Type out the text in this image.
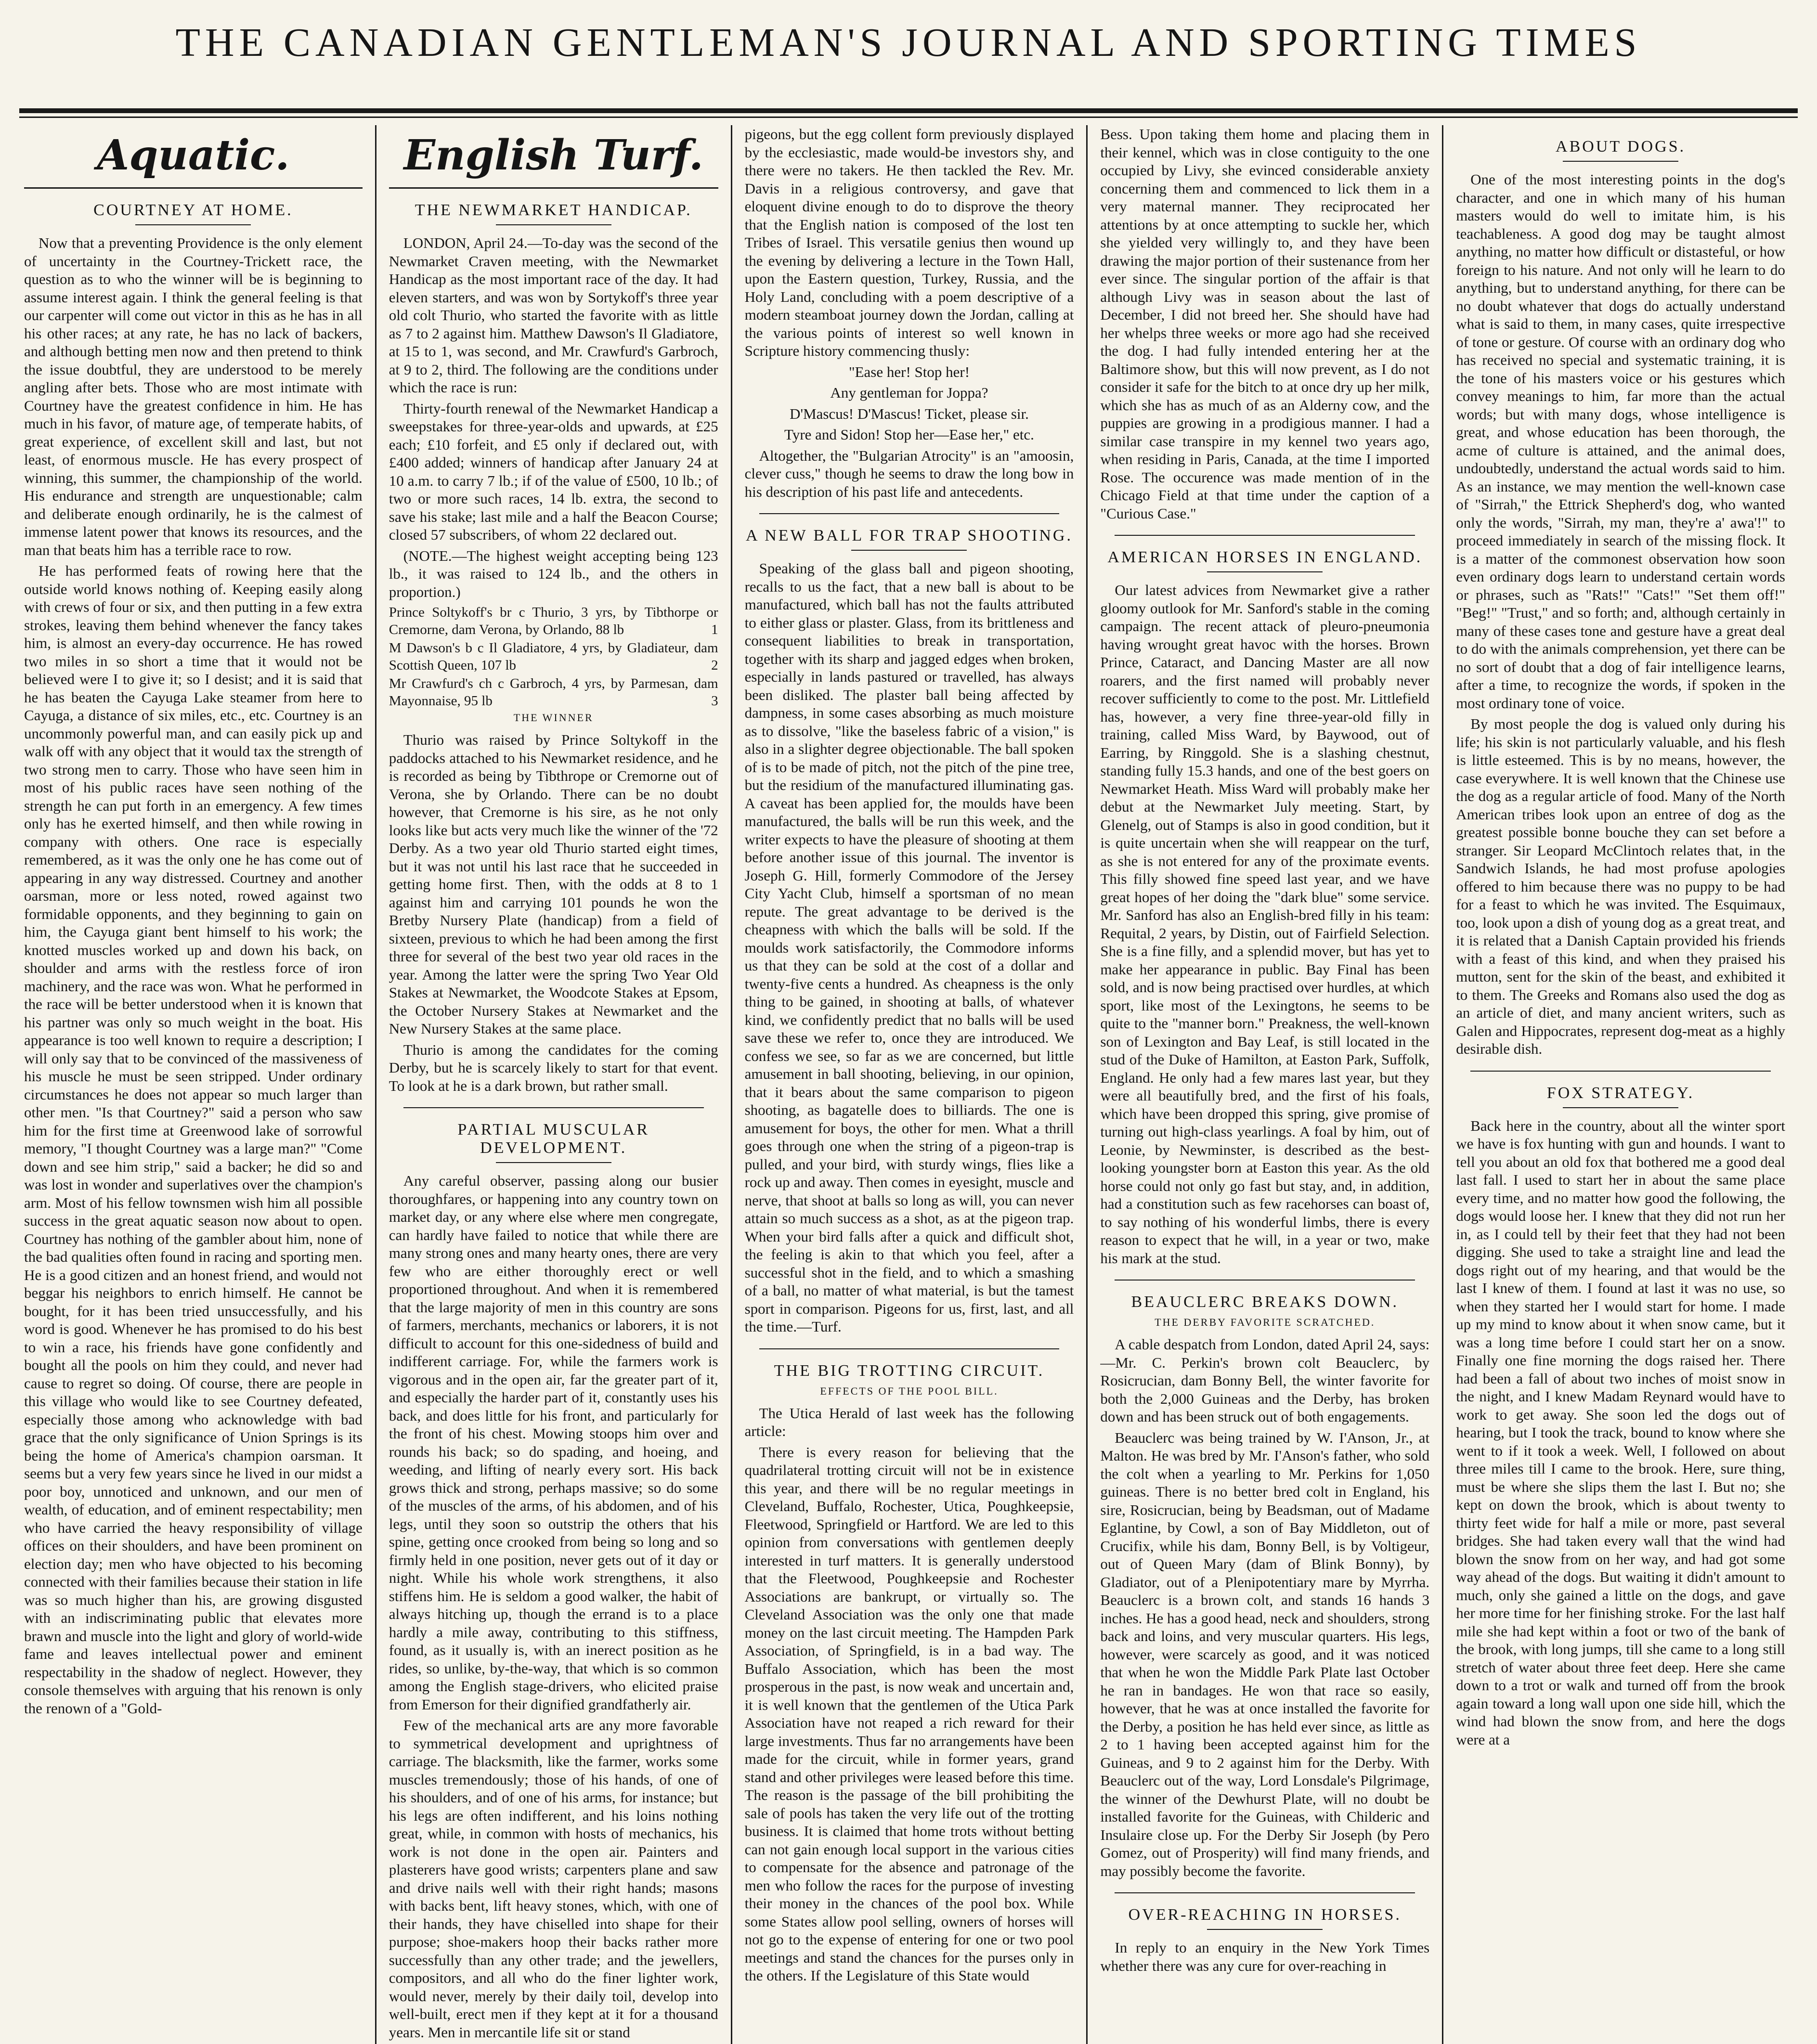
THE CANADIAN GENTLEMAN'S JOURNAL AND SPORTING TIMES
Aquatic.
COURTNEY AT HOME.

Now that a preventing Providence is the only element of uncertainty in the Courtney-Trickett race, the question as to who the winner will be is beginning to assume interest again. I think the general feeling is that our carpenter will come out victor in this as he has in all his other races; at any rate, he has no lack of backers, and although betting men now and then pretend to think the issue doubtful, they are understood to be merely angling after bets. Those who are most intimate with Courtney have the greatest confidence in him. He has much in his favor, of mature age, of temperate habits, of great experience, of excellent skill and last, but not least, of enormous muscle. He has every prospect of winning, this summer, the championship of the world. His endurance and strength are unquestionable; calm and deliberate enough ordinarily, he is the calmest of immense latent power that knows its resources, and the man that beats him has a terrible race to row.

He has performed feats of rowing here that the outside world knows nothing of. Keeping easily along with crews of four or six, and then putting in a few extra strokes, leaving them behind whenever the fancy takes him, is almost an every-day occurrence. He has rowed two miles in so short a time that it would not be believed were I to give it; so I desist; and it is said that he has beaten the Cayuga Lake steamer from here to Cayuga, a distance of six miles, etc., etc. Courtney is an uncommonly powerful man, and can easily pick up and walk off with any object that it would tax the strength of two strong men to carry. Those who have seen him in most of his public races have seen nothing of the strength he can put forth in an emergency. A few times only has he exerted himself, and then while rowing in company with others. One race is especially remembered, as it was the only one he has come out of appearing in any way distressed. Courtney and another oarsman, more or less noted, rowed against two formidable opponents, and they beginning to gain on him, the Cayuga giant bent himself to his work; the knotted muscles worked up and down his back, on shoulder and arms with the restless force of iron machinery, and the race was won. What he performed in the race will be better understood when it is known that his partner was only so much weight in the boat. His appearance is too well known to require a description; I will only say that to be convinced of the massiveness of his muscle he must be seen stripped. Under ordinary circumstances he does not appear so much larger than other men. "Is that Courtney?" said a person who saw him for the first time at Greenwood lake of sorrowful memory, "I thought Courtney was a large man?" "Come down and see him strip," said a backer; he did so and was lost in wonder and superlatives over the champion's arm. Most of his fellow townsmen wish him all possible success in the great aquatic season now about to open. Courtney has nothing of the gambler about him, none of the bad qualities often found in racing and sporting men. He is a good citizen and an honest friend, and would not beggar his neighbors to enrich himself. He cannot be bought, for it has been tried unsuccessfully, and his word is good. Whenever he has promised to do his best to win a race, his friends have gone confidently and bought all the pools on him they could, and never had cause to regret so doing. Of course, there are people in this village who would like to see Courtney defeated, especially those among who acknowledge with bad grace that the only significance of Union Springs is its being the home of America's champion oarsman. It seems but a very few years since he lived in our midst a poor boy, unnoticed and unknown, and our men of wealth, of education, and of eminent respectability; men who have carried the heavy responsibility of village offices on their shoulders, and have been prominent on election day; men who have objected to his becoming connected with their families because their station in life was so much higher than his, are growing disgusted with an indiscriminating public that elevates more brawn and muscle into the light and glory of world-wide fame and leaves intellectual power and eminent respectability in the shadow of neglect. However, they console themselves with arguing that his renown is only the renown of a "Gold-

English Turf.
THE NEWMARKET HANDICAP.

LONDON, April 24.—To-day was the second of the Newmarket Craven meeting, with the Newmarket Handicap as the most important race of the day. It had eleven starters, and was won by Sortykoff's three year old colt Thurio, who started the favorite with as little as 7 to 2 against him. Matthew Dawson's Il Gladiatore, at 15 to 1, was second, and Mr. Crawfurd's Garbroch, at 9 to 2, third. The following are the conditions under which the race is run:

Thirty-fourth renewal of the Newmarket Handicap a sweepstakes for three-year-olds and upwards, at £25 each; £10 forfeit, and £5 only if declared out, with £400 added; winners of handicap after January 24 at 10 a.m. to carry 7 lb.; if of the value of £500, 10 lb.; of two or more such races, 14 lb. extra, the second to save his stake; last mile and a half the Beacon Course; closed 57 subscribers, of whom 22 declared out.

(NOTE.—The highest weight accepting being 123 lb., it was raised to 124 lb., and the others in proportion.)

Prince Soltykoff's br c Thurio, 3 yrs, by Tibthorpe or Cremorne, dam Verona, by Orlando, 88 lb	1

M Dawson's b c Il Gladiatore, 4 yrs, by Gladiateur, dam Scottish Queen, 107 lb	2

Mr Crawfurd's ch c Garbroch, 4 yrs, by Parmesan, dam Mayonnaise, 95 lb	3

THE WINNER

Thurio was raised by Prince Soltykoff in the paddocks attached to his Newmarket residence, and he is recorded as being by Tibthrope or Cremorne out of Verona, she by Orlando. There can be no doubt however, that Cremorne is his sire, as he not only looks like but acts very much like the winner of the '72 Derby. As a two year old Thurio started eight times, but it was not until his last race that he succeeded in getting home first. Then, with the odds at 8 to 1 against him and carrying 101 pounds he won the Bretby Nursery Plate (handicap) from a field of sixteen, previous to which he had been among the first three for several of the best two year old races in the year. Among the latter were the spring Two Year Old Stakes at Newmarket, the Woodcote Stakes at Epsom, the October Nursery Stakes at Newmarket and the New Nursery Stakes at the same place.

Thurio is among the candidates for the coming Derby, but he is scarcely likely to start for that event. To look at he is a dark brown, but rather small.

PARTIAL MUSCULAR DEVELOPMENT.

Any careful observer, passing along our busier thoroughfares, or happening into any country town on market day, or any where else where men congregate, can hardly have failed to notice that while there are many strong ones and many hearty ones, there are very few who are either thoroughly erect or well proportioned throughout. And when it is remembered that the large majority of men in this country are sons of farmers, merchants, mechanics or laborers, it is not difficult to account for this one-sidedness of build and indifferent carriage. For, while the farmers work is vigorous and in the open air, far the greater part of it, and especially the harder part of it, constantly uses his back, and does little for his front, and particularly for the front of his chest. Mowing stoops him over and rounds his back; so do spading, and hoeing, and weeding, and lifting of nearly every sort. His back grows thick and strong, perhaps massive; so do some of the muscles of the arms, of his abdomen, and of his legs, until they soon so outstrip the others that his spine, getting once crooked from being so long and so firmly held in one position, never gets out of it day or night. While his whole work strengthens, it also stiffens him. He is seldom a good walker, the habit of always hitching up, though the errand is to a place hardly a mile away, contributing to this stiffness, found, as it usually is, with an inerect position as he rides, so unlike, by-the-way, that which is so common among the English stage-drivers, who elicited praise from Emerson for their dignified grandfatherly air.

Few of the mechanical arts are any more favorable to symmetrical development and uprightness of carriage. The blacksmith, like the farmer, works some muscles tremendously; those of his hands, of one of his shoulders, and of one of his arms, for instance; but his legs are often indifferent, and his loins nothing great, while, in common with hosts of mechanics, his work is not done in the open air. Painters and plasterers have good wrists; carpenters plane and saw and drive nails well with their right hands; masons with backs bent, lift heavy stones, which, with one of their hands, they have chiselled into shape for their purpose; shoe-makers hoop their backs rather more successfully than any other trade; and the jewellers, compositors, and all who do the finer lighter work, would never, merely by their daily toil, develop into well-built, erect men if they kept at it for a thousand years. Men in mercantile life sit or stand

pigeons, but the egg collent form previously displayed by the ecclesiastic, made would-be investors shy, and there were no takers. He then tackled the Rev. Mr. Davis in a religious controversy, and gave that eloquent divine enough to do to disprove the theory that the English nation is composed of the lost ten Tribes of Israel. This versatile genius then wound up the evening by delivering a lecture in the Town Hall, upon the Eastern question, Turkey, Russia, and the Holy Land, concluding with a poem descriptive of a modern steamboat journey down the Jordan, calling at the various points of interest so well known in Scripture history commencing thusly:

"Ease her! Stop her!

Any gentleman for Joppa?

D'Mascus! D'Mascus! Ticket, please sir.

Tyre and Sidon! Stop her—Ease her," etc.

Altogether, the "Bulgarian Atrocity" is an "amoosin, clever cuss," though he seems to draw the long bow in his description of his past life and antecedents.

A NEW BALL FOR TRAP SHOOTING.

Speaking of the glass ball and pigeon shooting, recalls to us the fact, that a new ball is about to be manufactured, which ball has not the faults attributed to either glass or plaster. Glass, from its brittleness and consequent liabilities to break in transportation, together with its sharp and jagged edges when broken, especially in lands pastured or travelled, has always been disliked. The plaster ball being affected by dampness, in some cases absorbing as much moisture as to dissolve, "like the baseless fabric of a vision," is also in a slighter degree objectionable. The ball spoken of is to be made of pitch, not the pitch of the pine tree, but the residium of the manufactured illuminating gas. A caveat has been applied for, the moulds have been manufactured, the balls will be run this week, and the writer expects to have the pleasure of shooting at them before another issue of this journal. The inventor is Joseph G. Hill, formerly Commodore of the Jersey City Yacht Club, himself a sportsman of no mean repute. The great advantage to be derived is the cheapness with which the balls will be sold. If the moulds work satisfactorily, the Commodore informs us that they can be sold at the cost of a dollar and twenty-five cents a hundred. As cheapness is the only thing to be gained, in shooting at balls, of whatever kind, we confidently predict that no balls will be used save these we refer to, once they are introduced. We confess we see, so far as we are concerned, but little amusement in ball shooting, believing, in our opinion, that it bears about the same comparison to pigeon shooting, as bagatelle does to billiards. The one is amusement for boys, the other for men. What a thrill goes through one when the string of a pigeon-trap is pulled, and your bird, with sturdy wings, flies like a rock up and away. Then comes in eyesight, muscle and nerve, that shoot at balls so long as will, you can never attain so much success as a shot, as at the pigeon trap. When your bird falls after a quick and difficult shot, the feeling is akin to that which you feel, after a successful shot in the field, and to which a smashing of a ball, no matter of what material, is but the tamest sport in comparison. Pigeons for us, first, last, and all the time.—Turf.

THE BIG TROTTING CIRCUIT.
EFFECTS OF THE POOL BILL.

The Utica Herald of last week has the following article:

There is every reason for believing that the quadrilateral trotting circuit will not be in existence this year, and there will be no regular meetings in Cleveland, Buffalo, Rochester, Utica, Poughkeepsie, Fleetwood, Springfield or Hartford. We are led to this opinion from conversations with gentlemen deeply interested in turf matters. It is generally understood that the Fleetwood, Poughkeepsie and Rochester Associations are bankrupt, or virtually so. The Cleveland Association was the only one that made money on the last circuit meeting. The Hampden Park Association, of Springfield, is in a bad way. The Buffalo Association, which has been the most prosperous in the past, is now weak and uncertain and, it is well known that the gentlemen of the Utica Park Association have not reaped a rich reward for their large investments. Thus far no arrangements have been made for the circuit, while in former years, grand stand and other privileges were leased before this time. The reason is the passage of the bill prohibiting the sale of pools has taken the very life out of the trotting business. It is claimed that home trots without betting can not gain enough local support in the various cities to compensate for the absence and patronage of the men who follow the races for the purpose of investing their money in the chances of the pool box. While some States allow pool selling, owners of horses will not go to the expense of entering for one or two pool meetings and stand the chances for the purses only in the others. If the Legislature of this State would

Bess. Upon taking them home and placing them in their kennel, which was in close contiguity to the one occupied by Livy, she evinced considerable anxiety concerning them and commenced to lick them in a very maternal manner. They reciprocated her attentions by at once attempting to suckle her, which she yielded very willingly to, and they have been drawing the major portion of their sustenance from her ever since. The singular portion of the affair is that although Livy was in season about the last of December, I did not breed her. She should have had her whelps three weeks or more ago had she received the dog. I had fully intended entering her at the Baltimore show, but this will now prevent, as I do not consider it safe for the bitch to at once dry up her milk, which she has as much of as an Alderny cow, and the puppies are growing in a prodigious manner. I had a similar case transpire in my kennel two years ago, when residing in Paris, Canada, at the time I imported Rose. The occurence was made mention of in the Chicago Field at that time under the caption of a "Curious Case."

AMERICAN HORSES IN ENGLAND.

Our latest advices from Newmarket give a rather gloomy outlook for Mr. Sanford's stable in the coming campaign. The recent attack of pleuro-pneumonia having wrought great havoc with the horses. Brown Prince, Cataract, and Dancing Master are all now roarers, and the first named will probably never recover sufficiently to come to the post. Mr. Littlefield has, however, a very fine three-year-old filly in training, called Miss Ward, by Baywood, out of Earring, by Ringgold. She is a slashing chestnut, standing fully 15.3 hands, and one of the best goers on Newmarket Heath. Miss Ward will probably make her debut at the Newmarket July meeting. Start, by Glenelg, out of Stamps is also in good condition, but it is quite uncertain when she will reappear on the turf, as she is not entered for any of the proximate events. This filly showed fine speed last year, and we have great hopes of her doing the "dark blue" some service. Mr. Sanford has also an English-bred filly in his team: Requital, 2 years, by Distin, out of Fairfield Selection. She is a fine filly, and a splendid mover, but has yet to make her appearance in public. Bay Final has been sold, and is now being practised over hurdles, at which sport, like most of the Lexingtons, he seems to be quite to the "manner born." Preakness, the well-known son of Lexington and Bay Leaf, is still located in the stud of the Duke of Hamilton, at Easton Park, Suffolk, England. He only had a few mares last year, but they were all beautifully bred, and the first of his foals, which have been dropped this spring, give promise of turning out high-class yearlings. A foal by him, out of Leonie, by Newminster, is described as the best-looking youngster born at Easton this year. As the old horse could not only go fast but stay, and, in addition, had a constitution such as few racehorses can boast of, to say nothing of his wonderful limbs, there is every reason to expect that he will, in a year or two, make his mark at the stud.

BEAUCLERC BREAKS DOWN.
THE DERBY FAVORITE SCRATCHED.

A cable despatch from London, dated April 24, says:—Mr. C. Perkin's brown colt Beauclerc, by Rosicrucian, dam Bonny Bell, the winter favorite for both the 2,000 Guineas and the Derby, has broken down and has been struck out of both engagements.

Beauclerc was being trained by W. I'Anson, Jr., at Malton. He was bred by Mr. I'Anson's father, who sold the colt when a yearling to Mr. Perkins for 1,050 guineas. There is no better bred colt in England, his sire, Rosicrucian, being by Beadsman, out of Madame Eglantine, by Cowl, a son of Bay Middleton, out of Crucifix, while his dam, Bonny Bell, is by Voltigeur, out of Queen Mary (dam of Blink Bonny), by Gladiator, out of a Plenipotentiary mare by Myrrha. Beauclerc is a brown colt, and stands 16 hands 3 inches. He has a good head, neck and shoulders, strong back and loins, and very muscular quarters. His legs, however, were scarcely as good, and it was noticed that when he won the Middle Park Plate last October he ran in bandages. He won that race so easily, however, that he was at once installed the favorite for the Derby, a position he has held ever since, as little as 2 to 1 having been accepted against him for the Guineas, and 9 to 2 against him for the Derby. With Beauclerc out of the way, Lord Lonsdale's Pilgrimage, the winner of the Dewhurst Plate, will no doubt be installed favorite for the Guineas, with Childeric and Insulaire close up. For the Derby Sir Joseph (by Pero Gomez, out of Prosperity) will find many friends, and may possibly become the favorite.

OVER-REACHING IN HORSES.

In reply to an enquiry in the New York Times whether there was any cure for over-reaching in

ABOUT DOGS.

One of the most interesting points in the dog's character, and one in which many of his human masters would do well to imitate him, is his teachableness. A good dog may be taught almost anything, no matter how difficult or distasteful, or how foreign to his nature. And not only will he learn to do anything, but to understand anything, for there can be no doubt whatever that dogs do actually understand what is said to them, in many cases, quite irrespective of tone or gesture. Of course with an ordinary dog who has received no special and systematic training, it is the tone of his masters voice or his gestures which convey meanings to him, far more than the actual words; but with many dogs, whose intelligence is great, and whose education has been thorough, the acme of culture is attained, and the animal does, undoubtedly, understand the actual words said to him. As an instance, we may mention the well-known case of "Sirrah," the Ettrick Shepherd's dog, who wanted only the words, "Sirrah, my man, they're a' awa'!" to proceed immediately in search of the missing flock. It is a matter of the commonest observation how soon even ordinary dogs learn to understand certain words or phrases, such as "Rats!" "Cats!" "Set them off!" "Beg!" "Trust," and so forth; and, although certainly in many of these cases tone and gesture have a great deal to do with the animals comprehension, yet there can be no sort of doubt that a dog of fair intelligence learns, after a time, to recognize the words, if spoken in the most ordinary tone of voice.

By most people the dog is valued only during his life; his skin is not particularly valuable, and his flesh is little esteemed. This is by no means, however, the case everywhere. It is well known that the Chinese use the dog as a regular article of food. Many of the North American tribes look upon an entree of dog as the greatest possible bonne bouche they can set before a stranger. Sir Leopard McClintoch relates that, in the Sandwich Islands, he had most profuse apologies offered to him because there was no puppy to be had for a feast to which he was invited. The Esquimaux, too, look upon a dish of young dog as a great treat, and it is related that a Danish Captain provided his friends with a feast of this kind, and when they praised his mutton, sent for the skin of the beast, and exhibited it to them. The Greeks and Romans also used the dog as an article of diet, and many ancient writers, such as Galen and Hippocrates, represent dog-meat as a highly desirable dish.

FOX STRATEGY.

Back here in the country, about all the winter sport we have is fox hunting with gun and hounds. I want to tell you about an old fox that bothered me a good deal last fall. I used to start her in about the same place every time, and no matter how good the following, the dogs would loose her. I knew that they did not run her in, as I could tell by their feet that they had not been digging. She used to take a straight line and lead the dogs right out of my hearing, and that would be the last I knew of them. I found at last it was no use, so when they started her I would start for home. I made up my mind to know about it when snow came, but it was a long time before I could start her on a snow. Finally one fine morning the dogs raised her. There had been a fall of about two inches of moist snow in the night, and I knew Madam Reynard would have to work to get away. She soon led the dogs out of hearing, but I took the track, bound to know where she went to if it took a week. Well, I followed on about three miles till I came to the brook. Here, sure thing, must be where she slips them the last I. But no; she kept on down the brook, which is about twenty to thirty feet wide for half a mile or more, past several bridges. She had taken every wall that the wind had blown the snow from on her way, and had got some way ahead of the dogs. But waiting it didn't amount to much, only she gained a little on the dogs, and gave her more time for her finishing stroke. For the last half mile she had kept within a foot or two of the bank of the brook, with long jumps, till she came to a long still stretch of water about three feet deep. Here she came down to a trot or walk and turned off from the brook again toward a long wall upon one side hill, which the wind had blown the snow from, and here the dogs were at a
